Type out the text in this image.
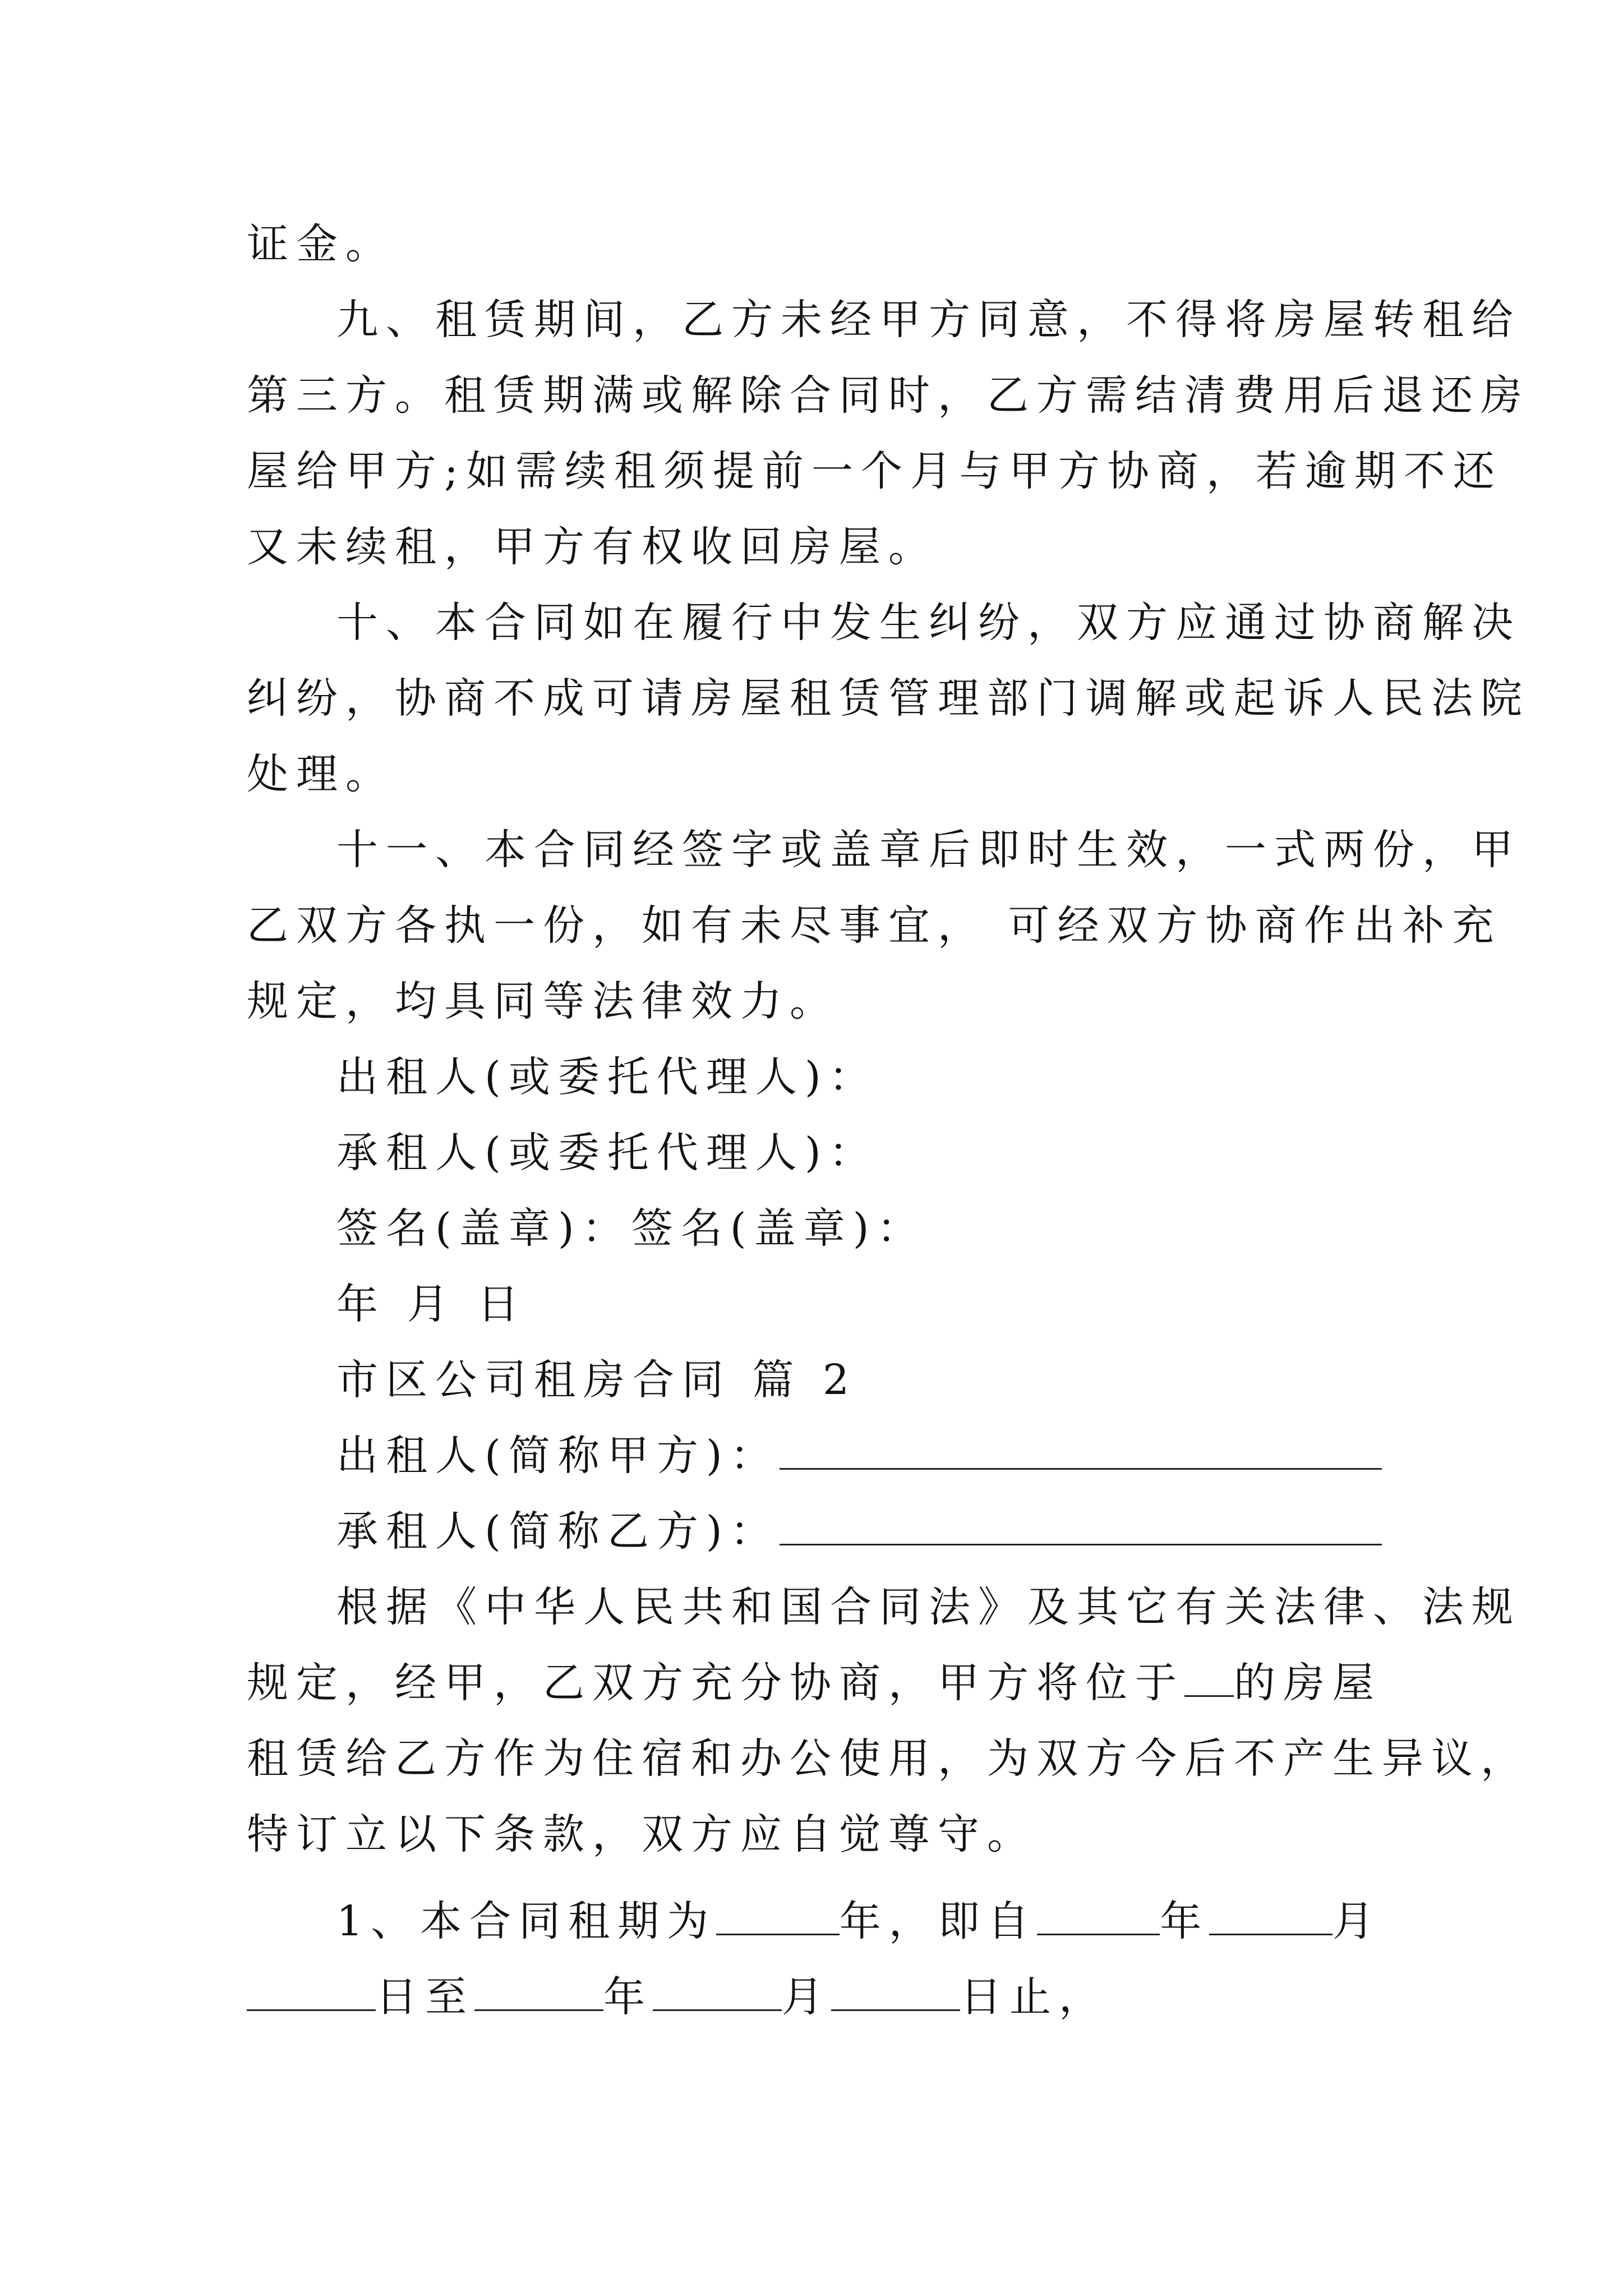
证金。
九、租赁期间，乙方未经甲方同意，不得将房屋转租给
第三方。租赁期满或解除合同时，乙方需结清费用后退还房
屋给甲方;如需续租须提前一个月与甲方协商，若逾期不还
又未续租，甲方有权收回房屋。
十、本合同如在履行中发生纠纷，双方应通过协商解决
纠纷，协商不成可请房屋租赁管理部门调解或起诉人民法院
处理。
十一、本合同经签字或盖章后即时生效，一式两份，甲
乙双方各执一份，如有未尽事宜， 可经双方协商作出补充
规定，均具同等法律效力。
出租人(或委托代理人)：
承租人(或委托代理人)：
签名(盖章)：签名(盖章)：
年 月 日
市区公司租房合同 篇 2
出租人(简称甲方)：
承租人(简称乙方)：
根据《中华人民共和国合同法》及其它有关法律、法规
规定，经甲，乙双方充分协商，甲方将位于 的房屋
租赁给乙方作为住宿和办公使用，为双方今后不产生异议，
特订立以下条款，双方应自觉尊守。
1、本合同租期为	年，即自	年	月
日至	年	月	日止，
